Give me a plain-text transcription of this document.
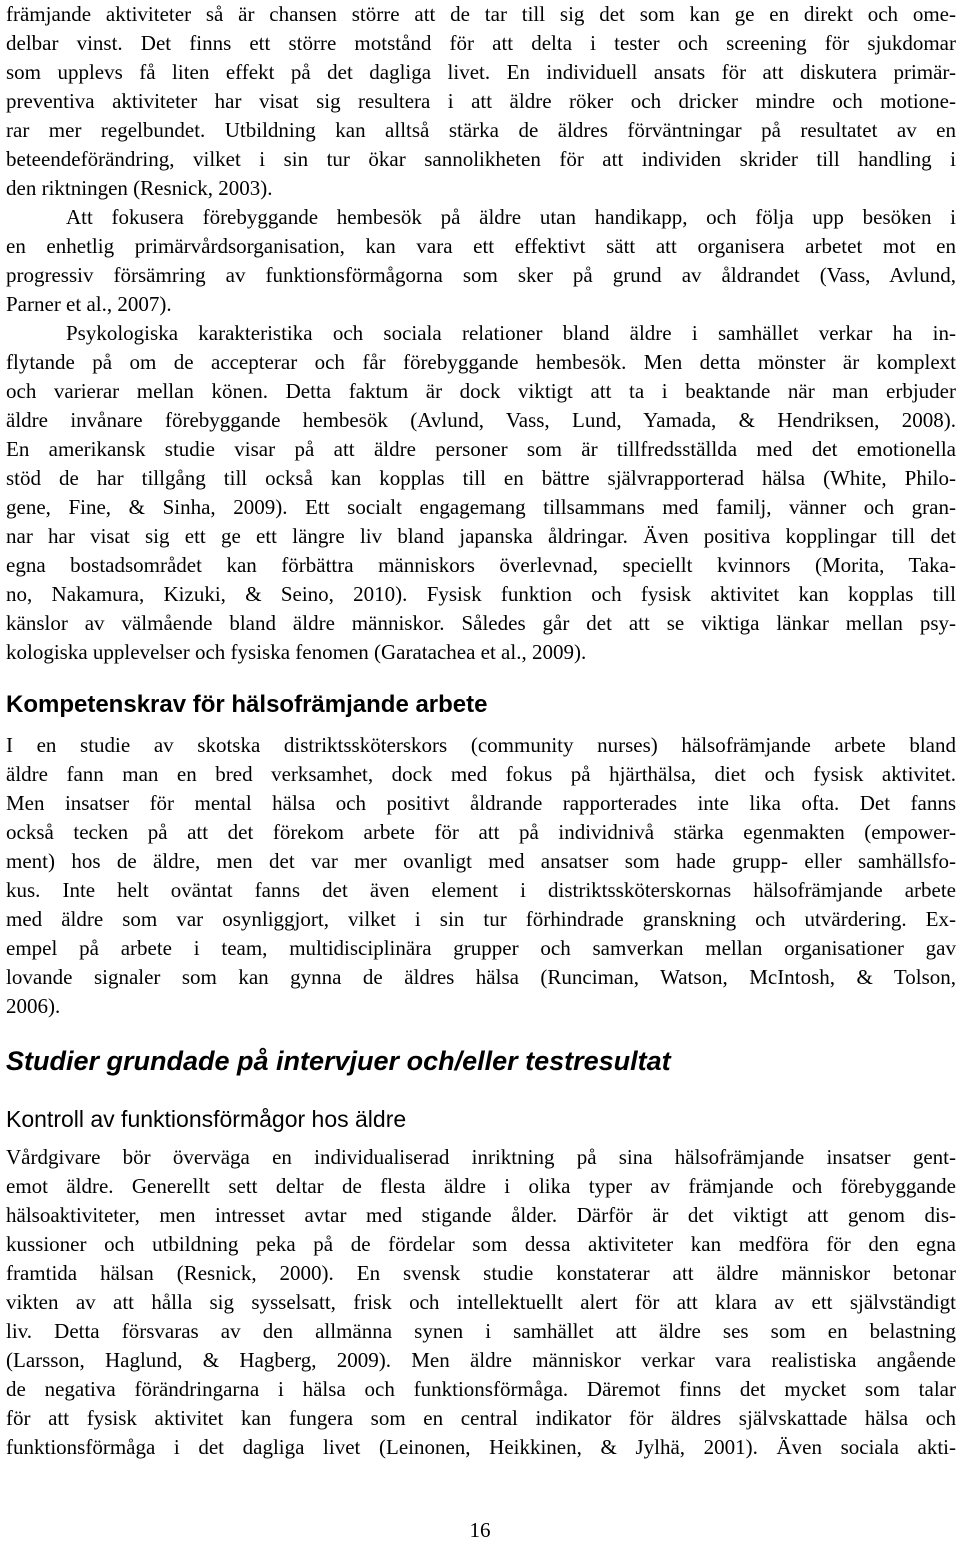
främjande aktiviteter så är chansen större att de tar till sig det som kan ge en direkt och ome-
delbar vinst. Det finns ett större motstånd för att delta i tester och screening för sjukdomar
som upplevs få liten effekt på det dagliga livet. En individuell ansats för att diskutera primär-
preventiva aktiviteter har visat sig resultera i att äldre röker och dricker mindre och motione-
rar mer regelbundet. Utbildning kan alltså stärka de äldres förväntningar på resultatet av en
beteendeförändring, vilket i sin tur ökar sannolikheten för att individen skrider till handling i
den riktningen (Resnick, 2003).
Att fokusera förebyggande hembesök på äldre utan handikapp, och följa upp besöken i
en enhetlig primärvårdsorganisation, kan vara ett effektivt sätt att organisera arbetet mot en
progressiv försämring av funktionsförmågorna som sker på grund av åldrandet (Vass, Avlund,
Parner et al., 2007).
Psykologiska karakteristika och sociala relationer bland äldre i samhället verkar ha in-
flytande på om de accepterar och får förebyggande hembesök. Men detta mönster är komplext
och varierar mellan könen. Detta faktum är dock viktigt att ta i beaktande när man erbjuder
äldre invånare förebyggande hembesök (Avlund, Vass, Lund, Yamada, & Hendriksen, 2008).
En amerikansk studie visar på att äldre personer som är tillfredsställda med det emotionella
stöd de har tillgång till också kan kopplas till en bättre självrapporterad hälsa (White, Philo-
gene, Fine, & Sinha, 2009). Ett socialt engagemang tillsammans med familj, vänner och gran-
nar har visat sig ett ge ett längre liv bland japanska åldringar. Även positiva kopplingar till det
egna bostadsområdet kan förbättra människors överlevnad, speciellt kvinnors (Morita, Taka-
no, Nakamura, Kizuki, & Seino, 2010). Fysisk funktion och fysisk aktivitet kan kopplas till
känslor av välmående bland äldre människor. Således går det att se viktiga länkar mellan psy-
kologiska upplevelser och fysiska fenomen (Garatachea et al., 2009).
Kompetenskrav för hälsofrämjande arbete
I en studie av skotska distriktssköterskors (community nurses) hälsofrämjande arbete bland
äldre fann man en bred verksamhet, dock med fokus på hjärthälsa, diet och fysisk aktivitet.
Men insatser för mental hälsa och positivt åldrande rapporterades inte lika ofta. Det fanns
också tecken på att det förekom arbete för att på individnivå stärka egenmakten (empower-
ment) hos de äldre, men det var mer ovanligt med ansatser som hade grupp- eller samhällsfo-
kus. Inte helt oväntat fanns det även element i distriktssköterskornas hälsofrämjande arbete
med äldre som var osynliggjort, vilket i sin tur förhindrade granskning och utvärdering. Ex-
empel på arbete i team, multidisciplinära grupper och samverkan mellan organisationer gav
lovande signaler som kan gynna de äldres hälsa (Runciman, Watson, McIntosh, & Tolson,
2006).
Studier grundade på intervjuer och/eller testresultat
Kontroll av funktionsförmågor hos äldre
Vårdgivare bör överväga en individualiserad inriktning på sina hälsofrämjande insatser gent-
emot äldre. Generellt sett deltar de flesta äldre i olika typer av främjande och förebyggande
hälsoaktiviteter, men intresset avtar med stigande ålder. Därför är det viktigt att genom dis-
kussioner och utbildning peka på de fördelar som dessa aktiviteter kan medföra för den egna
framtida hälsan (Resnick, 2000). En svensk studie konstaterar att äldre människor betonar
vikten av att hålla sig sysselsatt, frisk och intellektuellt alert för att klara av ett självständigt
liv. Detta försvaras av den allmänna synen i samhället att äldre ses som en belastning
(Larsson, Haglund, & Hagberg, 2009). Men äldre människor verkar vara realistiska angående
de negativa förändringarna i hälsa och funktionsförmåga. Däremot finns det mycket som talar
för att fysisk aktivitet kan fungera som en central indikator för äldres självskattade hälsa och
funktionsförmåga i det dagliga livet (Leinonen, Heikkinen, & Jylhä, 2001). Även sociala akti-
16
